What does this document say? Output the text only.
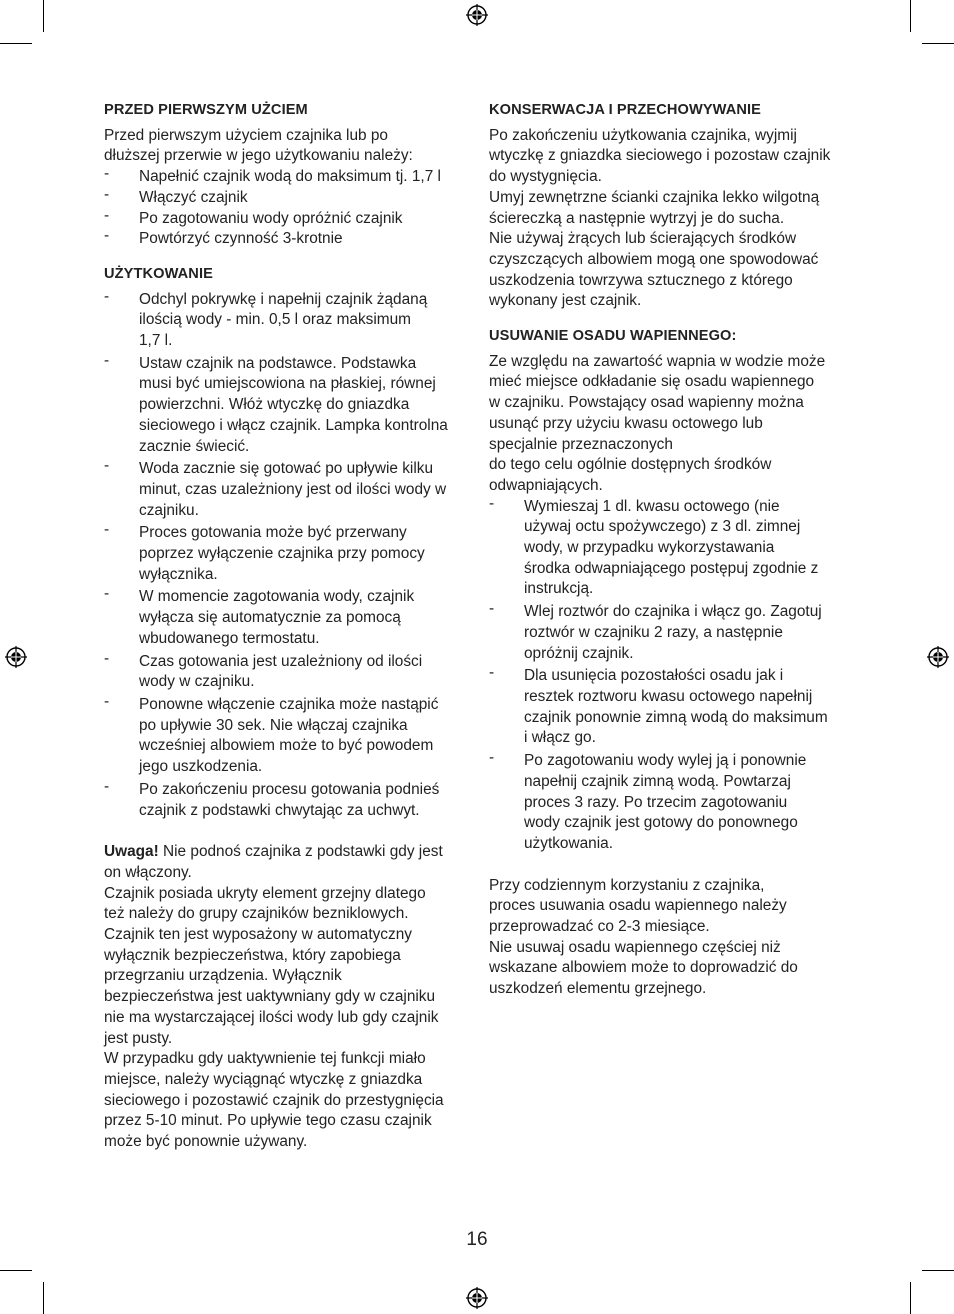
PRZED PIERWSZYM UŻCIEM

Przed pierwszym użyciem czajnika lub po
dłuższej przerwie w jego użytkowaniu należy:

- Napełnić czajnik wodą do maksimum tj. 1,7 l
- Włączyć czajnik
- Po zagotowaniu wody opróżnić czajnik
- Powtórzyć czynność 3-krotnie
UŻYTKOWANIE
- Odchyl pokrywkę i napełnij czajnik żądaną
ilością wody - min. 0,5 l oraz maksimum
1,7 l.
- Ustaw czajnik na podstawce. Podstawka
musi być umiejscowiona na płaskiej, równej
powierzchni. Włóż wtyczkę do gniazdka
sieciowego i włącz czajnik. Lampka kontrolna
zacznie świecić.
- Woda zacznie się gotować po upływie kilku
minut, czas uzależniony jest od ilości wody w
czajniku.
- Proces gotowania może być przerwany
poprzez wyłączenie czajnika przy pomocy
wyłącznika.
- W momencie zagotowania wody, czajnik
wyłącza się automatycznie za pomocą
wbudowanego termostatu.
- Czas gotowania jest uzależniony od ilości
wody w czajniku.
- Ponowne włączenie czajnika może nastąpić
po upływie 30 sek. Nie włączaj czajnika
wcześniej albowiem może to być powodem
jego uszkodzenia.
- Po zakończeniu procesu gotowania podnieś
czajnik z podstawki chwytając za uchwyt.

Uwaga! Nie podnoś czajnika z podstawki gdy jest
on włączony.
Czajnik posiada ukryty element grzejny dlatego
też należy do grupy czajników bezniklowych.
Czajnik ten jest wyposażony w automatyczny
wyłącznik bezpieczeństwa, który zapobiega
przegrzaniu urządzenia. Wyłącznik
bezpieczeństwa jest uaktywniany gdy w czajniku
nie ma wystarczającej ilości wody lub gdy czajnik
jest pusty.
W przypadku gdy uaktywnienie tej funkcji miało
miejsce, należy wyciągnąć wtyczkę z gniazdka
sieciowego i pozostawić czajnik do przestygnięcia
przez 5-10 minut. Po upływie tego czasu czajnik
może być ponownie używany.

KONSERWACJA I PRZECHOWYWANIE

Po zakończeniu użytkowania czajnika, wyjmij
wtyczkę z gniazdka sieciowego i pozostaw czajnik
do wystygnięcia.
Umyj zewnętrzne ścianki czajnika lekko wilgotną
ściereczką a następnie wytrzyj je do sucha.
Nie używaj żrących lub ścierających środków
czyszczących albowiem mogą one spowodować
uszkodzenia towrzywa sztucznego z którego
wykonany jest czajnik.

USUWANIE OSADU WAPIENNEGO:

Ze względu na zawartość wapnia w wodzie może
mieć miejsce odkładanie się osadu wapiennego
w czajniku. Powstający osad wapienny można
usunąć przy użyciu kwasu octowego lub
specjalnie przeznaczonych
do tego celu ogólnie dostępnych środków
odwapniających.

- Wymieszaj 1 dl. kwasu octowego (nie
używaj octu spożywczego) z 3 dl. zimnej
wody, w przypadku wykorzystawania
środka odwapniającego postępuj zgodnie z
instrukcją.
- Wlej roztwór do czajnika i włącz go. Zagotuj
roztwór w czajniku 2 razy, a następnie
opróżnij czajnik.
- Dla usunięcia pozostałości osadu jak i
resztek roztworu kwasu octowego napełnij
czajnik ponownie zimną wodą do maksimum
i włącz go.
- Po zagotowaniu wody wylej ją i ponownie
napełnij czajnik zimną wodą. Powtarzaj
proces 3 razy. Po trzecim zagotowaniu
wody czajnik jest gotowy do ponownego
użytkowania.

Przy codziennym korzystaniu z czajnika,
proces usuwania osadu wapiennego należy
przeprowadzać co 2-3 miesiące.
Nie usuwaj osadu wapiennego częściej niż
wskazane albowiem może to doprowadzić do
uszkodzeń elementu grzejnego.

16
